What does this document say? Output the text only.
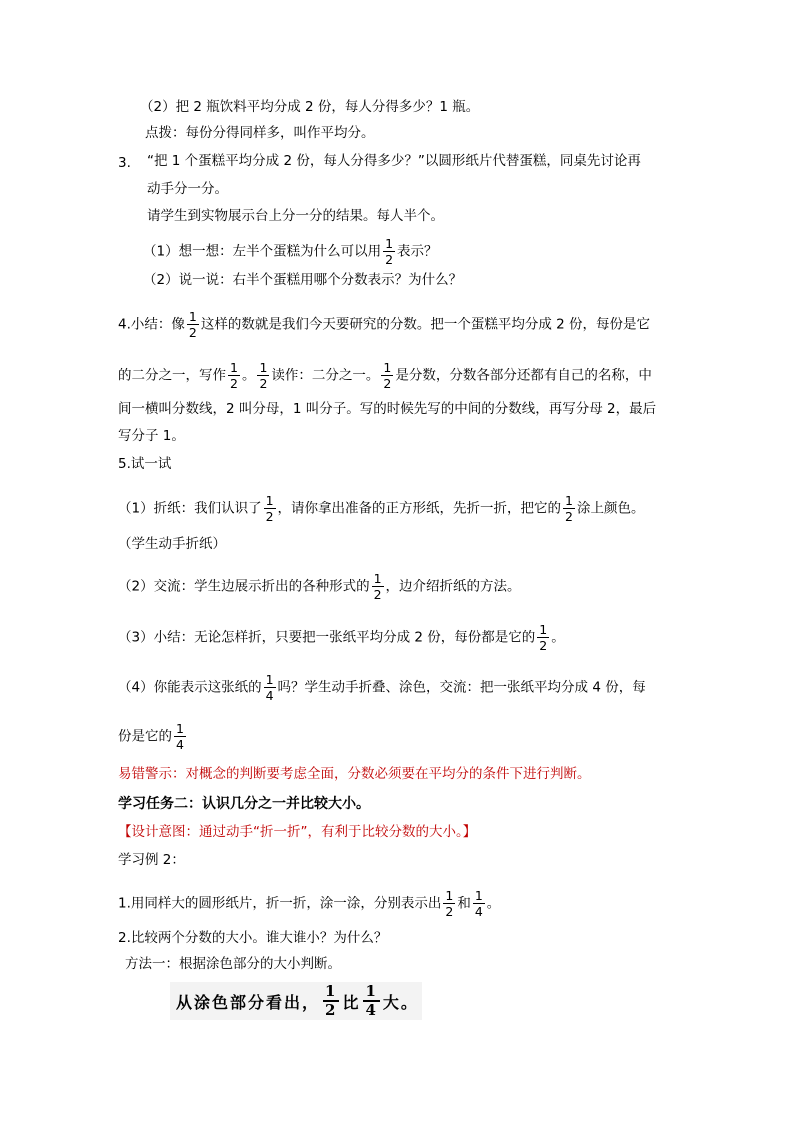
（2）把 2 瓶饮料平均分成 2 份，每人分得多少？1 瓶。
点拨：每份分得同样多，叫作平均分。
3. “把 1 个蛋糕平均分成 2 份，每人分得多少？”以圆形纸片代替蛋糕，同桌先讨论再
动手分一分。
请学生到实物展示台上分一分的结果。每人半个。
（1）想一想：左半个蛋糕为什么可以用 $\frac{1}{2}$ 表示？
（2）说一说：右半个蛋糕用哪个分数表示？为什么？
4.小结：像 $\frac{1}{2}$ 这样的数就是我们今天要研究的分数。把一个蛋糕平均分成 2 份，每份是它
的二分之一，写作 $\frac{1}{2}$ 。 $\frac{1}{2}$ 读作：二分之一。 $\frac{1}{2}$ 是分数，分数各部分还都有自己的名称，中
间一横叫分数线，2 叫分母，1 叫分子。写的时候先写的中间的分数线，再写分母 2，最后
写分子 1。
5.试一试
（1）折纸：我们认识了 $\frac{1}{2}$ ，请你拿出准备的正方形纸，先折一折，把它的 $\frac{1}{2}$ 涂上颜色。
（学生动手折纸）
（2）交流：学生边展示折出的各种形式的 $\frac{1}{2}$ ，边介绍折纸的方法。
（3）小结：无论怎样折，只要把一张纸平均分成 2 份，每份都是它的 $\frac{1}{2}$ 。
（4）你能表示这张纸的 $\frac{1}{4}$ 吗？学生动手折叠、涂色，交流：把一张纸平均分成 4 份，每
份是它的 $\frac{1}{4}$
易错警示：对概念的判断要考虑全面，分数必须要在平均分的条件下进行判断。
学习任务二：认识几分之一并比较大小。
【设计意图：通过动手“折一折”，有利于比较分数的大小。】
学习例 2：
1.用同样大的圆形纸片，折一折，涂一涂，分别表示出 $\frac{1}{2}$ 和 $\frac{1}{4}$ 。
2.比较两个分数的大小。谁大谁小？为什么？
方法一：根据涂色部分的大小判断。
从涂色部分看出， $\frac{1}{2}$ 比 $\frac{1}{4}$ 大。
